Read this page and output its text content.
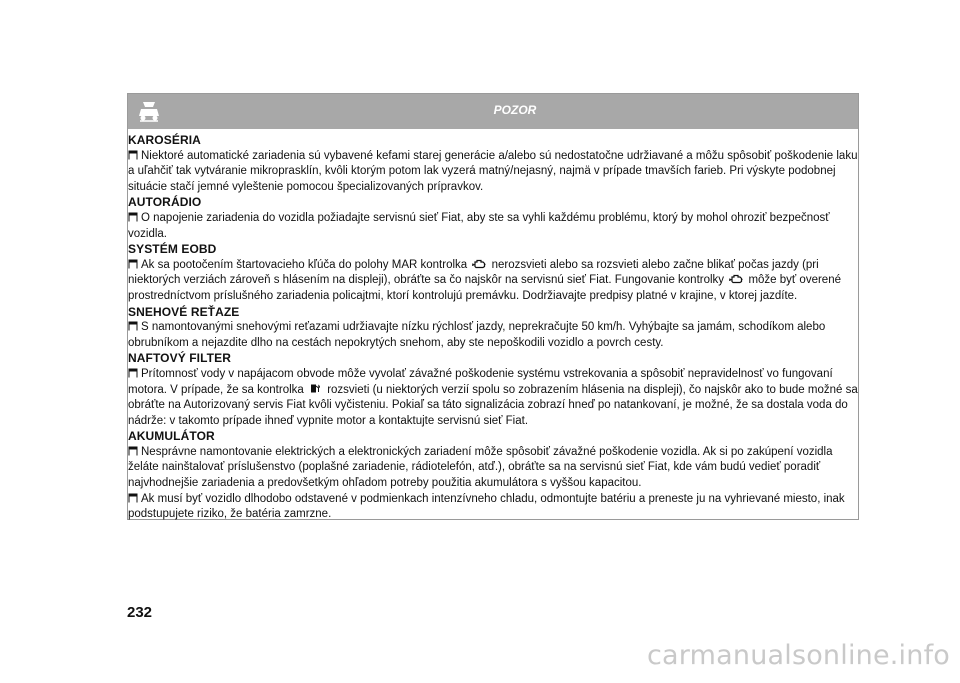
POZOR
KAROSÉRIA

Niektoré automatické zariadenia sú vybavené kefami starej generácie a/alebo sú nedostatočne udržiavané a môžu spôsobiť poškodenie laku a uľahčiť tak vytváranie mikroprasklín, kvôli ktorým potom lak vyzerá matný/nejasný, najmä v prípade tmavších farieb. Pri výskyte podobnej situácie stačí jemné vyleštenie pomocou špecializovaných prípravkov.

AUTORÁDIO

O napojenie zariadenia do vozidla požiadajte servisnú sieť Fiat, aby ste sa vyhli každému problému, ktorý by mohol ohroziť bezpečnosť vozidla.

SYSTÉM EOBD

Ak sa pootočením štartovacieho kľúča do polohy MAR kontrolka nerozsvieti alebo sa rozsvieti alebo začne blikať počas jazdy (pri niektorých verziách zároveň s hlásením na displeji), obráťte sa čo najskôr na servisnú sieť Fiat. Fungovanie kontrolky môže byť overené prostredníctvom príslušného zariadenia policajtmi, ktorí kontrolujú premávku. Dodržiavajte predpisy platné v krajine, v ktorej jazdíte.

SNEHOVÉ REŤAZE

S namontovanými snehovými reťazami udržiavajte nízku rýchlosť jazdy, neprekračujte 50 km/h. Vyhýbajte sa jamám, schodíkom alebo obrubníkom a nejazdite dlho na cestách nepokrytých snehom, aby ste nepoškodili vozidlo a povrch cesty.

NAFTOVÝ FILTER

Prítomnosť vody v napájacom obvode môže vyvolať závažné poškodenie systému vstrekovania a spôsobiť nepravidelnosť vo fungovaní motora. V prípade, že sa kontrolka rozsvieti (u niektorých verzií spolu so zobrazením hlásenia na displeji), čo najskôr ako to bude možné sa obráťte na Autorizovaný servis Fiat kvôli vyčisteniu. Pokiaľ sa táto signalizácia zobrazí hneď po natankovaní, je možné, že sa dostala voda do nádrže: v takomto prípade ihneď vypnite motor a kontaktujte servisnú sieť Fiat.

AKUMULÁTOR

Nesprávne namontovanie elektrických a elektronických zariadení môže spôsobiť závažné poškodenie vozidla. Ak si po zakúpení vozidla želáte nainštalovať príslušenstvo (poplašné zariadenie, rádiotelefón, atď.), obráťte sa na servisnú sieť Fiat, kde vám budú vedieť poradiť najvhodnejšie zariadenia a predovšetkým ohľadom potreby použitia akumulátora s vyššou kapacitou.

Ak musí byť vozidlo dlhodobo odstavené v podmienkach intenzívneho chladu, odmontujte batériu a preneste ju na vyhrievané miesto, inak podstupujete riziko, že batéria zamrzne.

232
carmanualsonline.info
